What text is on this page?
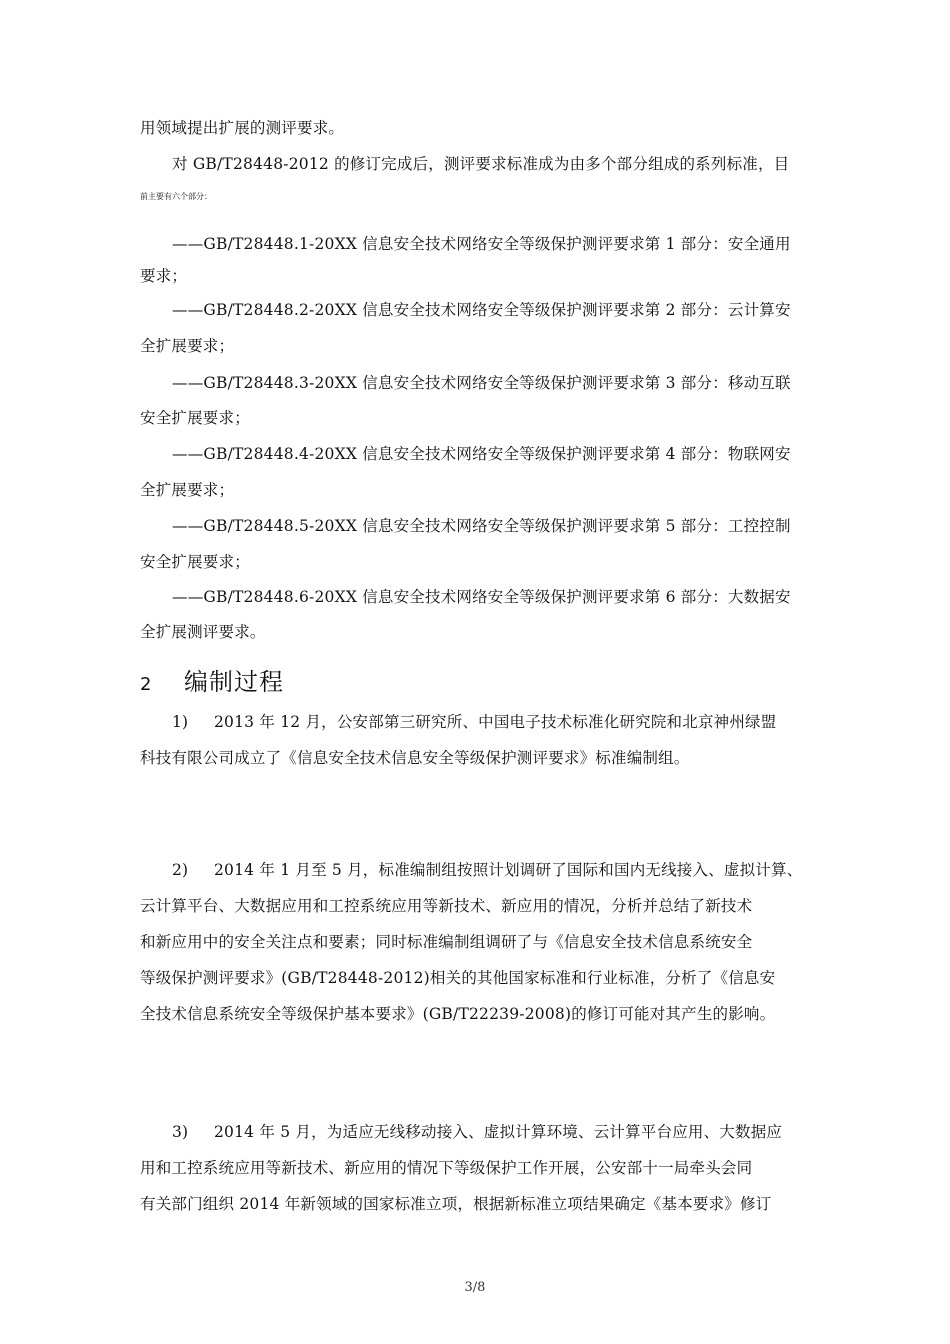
用领域提出扩展的测评要求。
对 GB/T28448-2012 的修订完成后，测评要求标准成为由多个部分组成的系列标准，目
前主要有六个部分：
——GB/T28448.1-20XX 信息安全技术网络安全等级保护测评要求第 1 部分：安全通用
要求；
——GB/T28448.2-20XX 信息安全技术网络安全等级保护测评要求第 2 部分：云计算安
全扩展要求；
——GB/T28448.3-20XX 信息安全技术网络安全等级保护测评要求第 3 部分：移动互联
安全扩展要求；
——GB/T28448.4-20XX 信息安全技术网络安全等级保护测评要求第 4 部分：物联网安
全扩展要求；
——GB/T28448.5-20XX 信息安全技术网络安全等级保护测评要求第 5 部分：工控控制
安全扩展要求；
——GB/T28448.6-20XX 信息安全技术网络安全等级保护测评要求第 6 部分：大数据安
全扩展测评要求。
2 编制过程
1) 2013 年 12 月，公安部第三研究所、中国电子技术标准化研究院和北京神州绿盟
科技有限公司成立了《信息安全技术信息安全等级保护测评要求》标准编制组。
2) 2014 年 1 月至 5 月，标准编制组按照计划调研了国际和国内无线接入、虚拟计算、
云计算平台、大数据应用和工控系统应用等新技术、新应用的情况，分析并总结了新技术
和新应用中的安全关注点和要素；同时标准编制组调研了与《信息安全技术信息系统安全
等级保护测评要求》(GB/T28448-2012)相关的其他国家标准和行业标准，分析了《信息安
全技术信息系统安全等级保护基本要求》(GB/T22239-2008)的修订可能对其产生的影响。
3) 2014 年 5 月，为适应无线移动接入、虚拟计算环境、云计算平台应用、大数据应
用和工控系统应用等新技术、新应用的情况下等级保护工作开展，公安部十一局牵头会同
有关部门组织 2014 年新领域的国家标准立项，根据新标准立项结果确定《基本要求》修订
3/8
